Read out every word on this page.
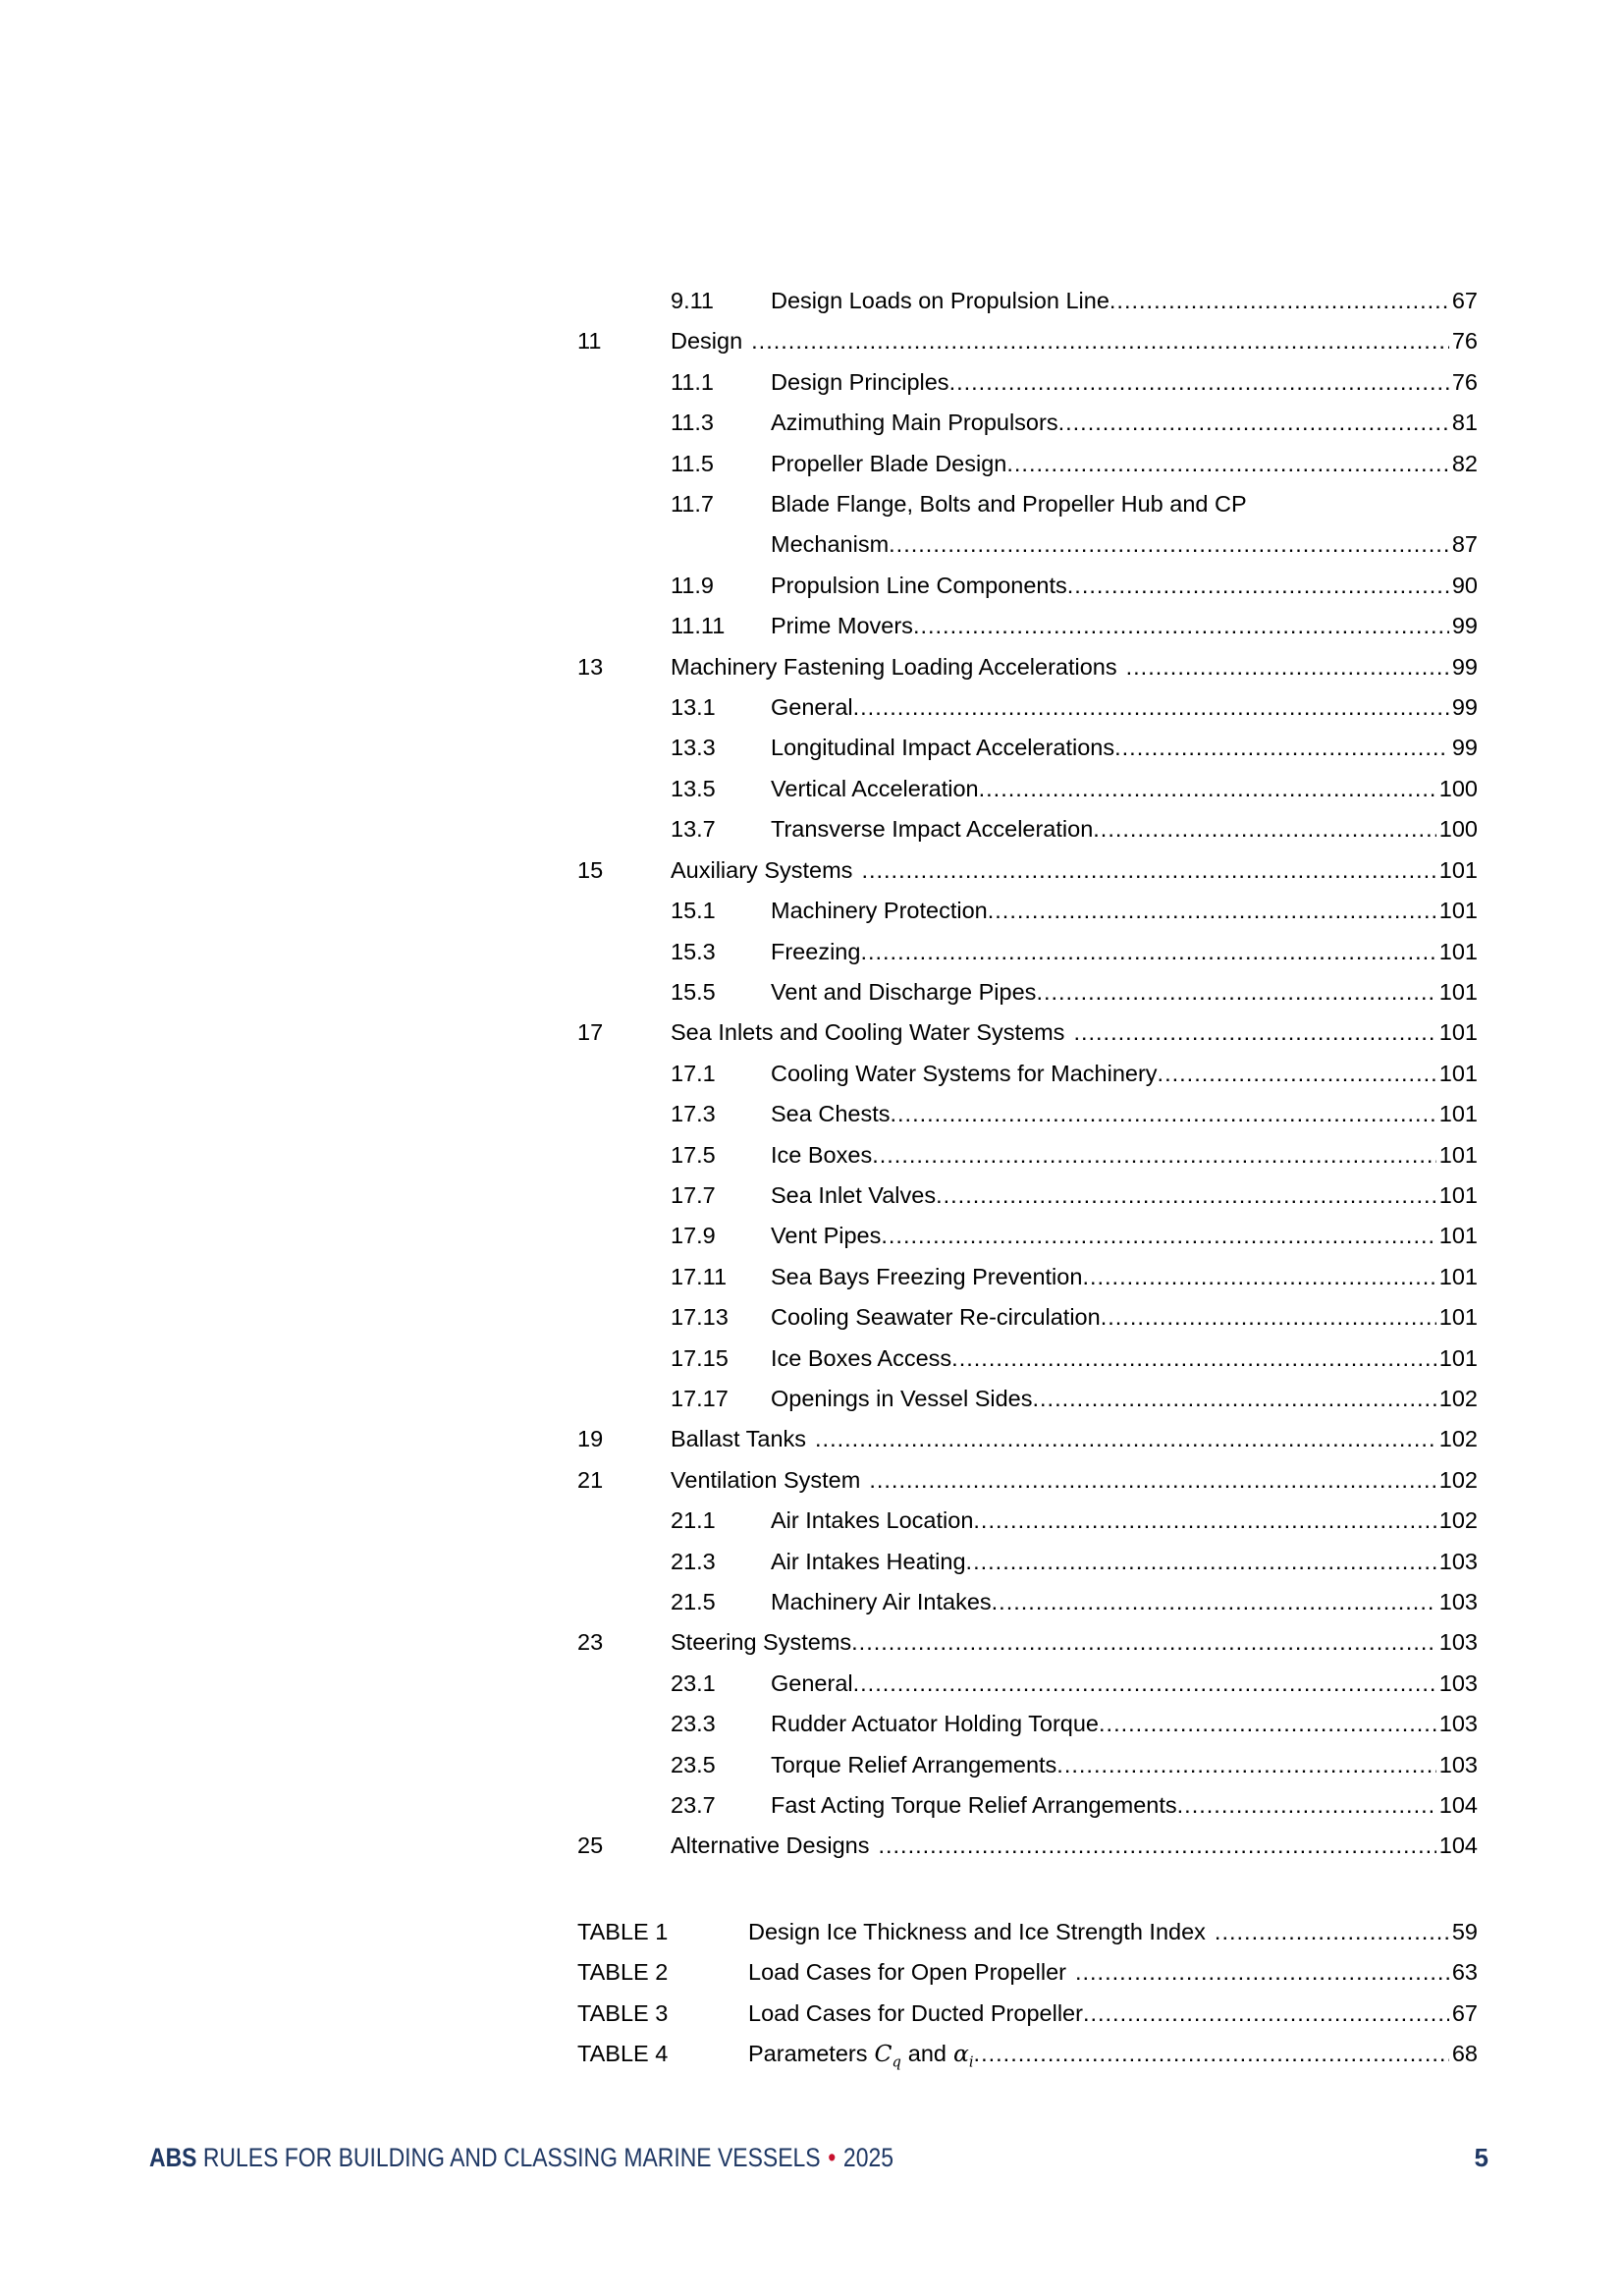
9.11	Design Loads on Propulsion Line .....	67
11	Design .....	76
11.1	Design Principles .....	76
11.3	Azimuthing Main Propulsors .....	81
11.5	Propeller Blade Design .....	82
11.7	Blade Flange, Bolts and Propeller Hub and CP
Mechanism .....	87
11.9	Propulsion Line Components .....	90
11.11	Prime Movers .....	99
13	Machinery Fastening Loading Accelerations .....	99
13.1	General .....	99
13.3	Longitudinal Impact Accelerations .....	99
13.5	Vertical Acceleration .....	100
13.7	Transverse Impact Acceleration .....	100
15	Auxiliary Systems .....	101
15.1	Machinery Protection .....	101
15.3	Freezing .....	101
15.5	Vent and Discharge Pipes .....	101
17	Sea Inlets and Cooling Water Systems .....	101
17.1	Cooling Water Systems for Machinery .....	101
17.3	Sea Chests .....	101
17.5	Ice Boxes .....	101
17.7	Sea Inlet Valves .....	101
17.9	Vent Pipes .....	101
17.11	Sea Bays Freezing Prevention .....	101
17.13	Cooling Seawater Re-circulation .....	101
17.15	Ice Boxes Access .....	101
17.17	Openings in Vessel Sides .....	102
19	Ballast Tanks .....	102
21	Ventilation System .....	102
21.1	Air Intakes Location .....	102
21.3	Air Intakes Heating .....	103
21.5	Machinery Air Intakes .....	103
23	Steering Systems .....	103
23.1	General .....	103
23.3	Rudder Actuator Holding Torque .....	103
23.5	Torque Relief Arrangements .....	103
23.7	Fast Acting Torque Relief Arrangements .....	104
25	Alternative Designs .....	104
TABLE 1	Design Ice Thickness and Ice Strength Index .....	59
TABLE 2	Load Cases for Open Propeller .....	63
TABLE 3	Load Cases for Ducted Propeller .....	67
TABLE 4	Parameters $C_q$ and $\alpha_i$ .....	68
ABS RULES FOR BUILDING AND CLASSING MARINE VESSELS • 2025	5
